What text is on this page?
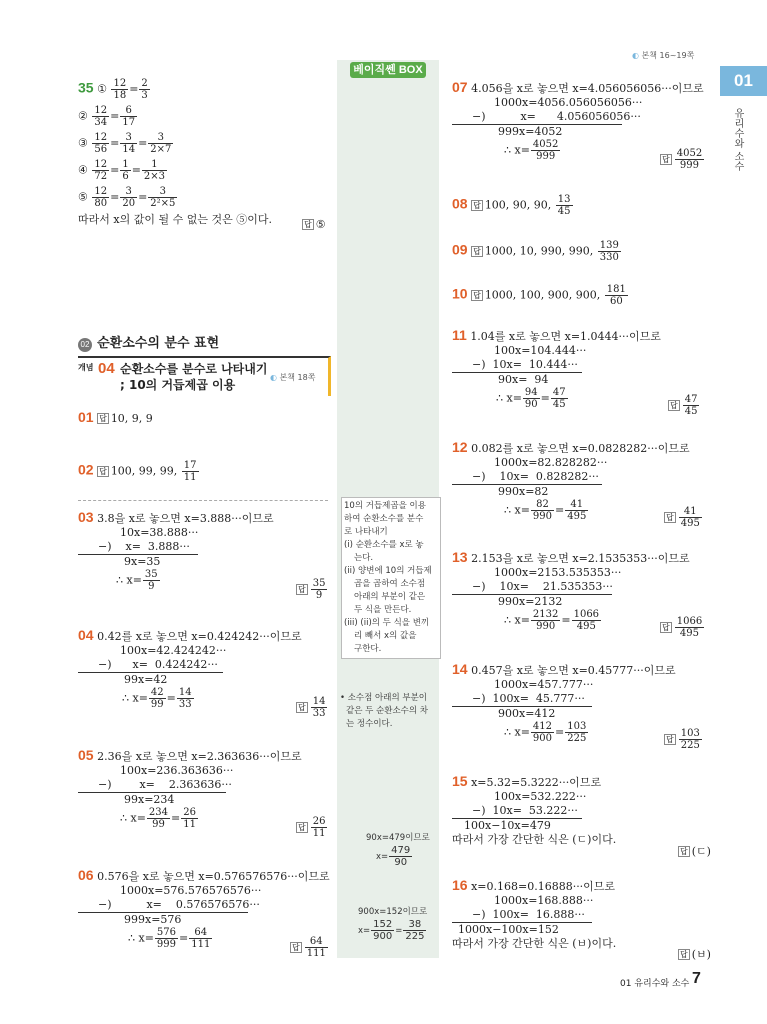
◐ 본책 16~19쪽
01
유리수와 소수
베이직쎈 BOX
10의 거듭제곱을 이용
하여 순환소수를 분수
로 나타내기
(i) 순환소수를 x로 놓
는다.
(ii) 양변에 10의 거듭제
곱을 곱하여 소수점
아래의 부분이 같은
두 식을 만든다.
(iii) (ii)의 두 식을 변끼
리 빼서 x의 값을
구한다.
• 소수점 아래의 부분이
같은 두 순환소수의 차
는 정수이다.
90x=479이므로
$x= \frac{479}{90}$
900x=152이므로
$x= \frac{152}{900} = \frac{38}{225}$
35 ① $\frac{12}{18} = \frac{2}{3}$
② $\frac{12}{34} = \frac{6}{17}$
③ $\frac{12}{56} = \frac{3}{14} = \frac{3}{2\times 7}$
④ $\frac{12}{72} = \frac{1}{6} = \frac{1}{2\times 3}$
⑤ $\frac{12}{80} = \frac{3}{20} = \frac{3}{\text{2²×5}}$
따라서 x의 값이 될 수 없는 것은 ⑤이다.	답 ⑤
02 순환소수의 분수 표현
개념 04 순환소수를 분수로 나타내기
; 10의 거듭제곱 이용
◐ 본책 18쪽
01 답 10, 9, 9
02 답 100, 99, 99, $\frac{17}{11}$
03 3.8을 x로 놓으면 x=3.888···이므로
10x=38.888···
−)    x=  3.888···
9x=35
∴ $x= \frac{35}{9}$	답 $\frac{35}{9}$
04 0.42를 x로 놓으면 x=0.424242···이므로
100x=42.424242···
−)      x=  0.424242···
99x=42
∴ $x= \frac{42}{99} = \frac{14}{33}$	답 $\frac{14}{33}$
05 2.36을 x로 놓으면 x=2.363636···이므로
100x=236.363636···
−)        x=    2.363636···
99x=234
∴ $x= \frac{234}{99} = \frac{26}{11}$	답 $\frac{26}{11}$
06 0.576을 x로 놓으면 x=0.576576576···이므로
1000x=576.576576576···
−)          x=    0.576576576···
999x=576
∴ $x= \frac{576}{999} = \frac{64}{111}$	답 $\frac{64}{111}$
07 4.056을 x로 놓으면 x=4.056056056···이므로
1000x=4056.056056056···
−)          x=      4.056056056···
999x=4052
∴ $x= \frac{4052}{999}$	답 $\frac{4052}{999}$
08 답 100, 90, 90, $\frac{13}{45}$
09 답 1000, 10, 990, 990, $\frac{139}{330}$
10 답 1000, 100, 900, 900, $\frac{181}{60}$
11 1.04를 x로 놓으면 x=1.0444···이므로
100x=104.444···
−)  10x=  10.444···
90x=  94
∴ $x= \frac{94}{90} = \frac{47}{45}$	답 $\frac{47}{45}$
12 0.082를 x로 놓으면 x=0.0828282···이므로
1000x=82.828282···
−)    10x=  0.828282···
990x=82
∴ $x= \frac{82}{990} = \frac{41}{495}$	답 $\frac{41}{495}$
13 2.153을 x로 놓으면 x=2.1535353···이므로
1000x=2153.535353···
−)    10x=    21.535353···
990x=2132
∴ $x= \frac{2132}{990} = \frac{1066}{495}$	답 $\frac{1066}{495}$
14 0.457을 x로 놓으면 x=0.45777···이므로
1000x=457.777···
−)  100x=  45.777···
900x=412
∴ $x= \frac{412}{900} = \frac{103}{225}$	답 $\frac{103}{225}$
15 x=5.32=5.3222···이므로
100x=532.222···
−)  10x=  53.222···
100x−10x=479
따라서 가장 간단한 식은 (ㄷ)이다.
답 (ㄷ)
16 x=0.168=0.16888···이므로
1000x=168.888···
−)  100x=  16.888···
1000x−100x=152
따라서 가장 간단한 식은 (ㅂ)이다.
답 (ㅂ)
01 유리수와 소수 7
